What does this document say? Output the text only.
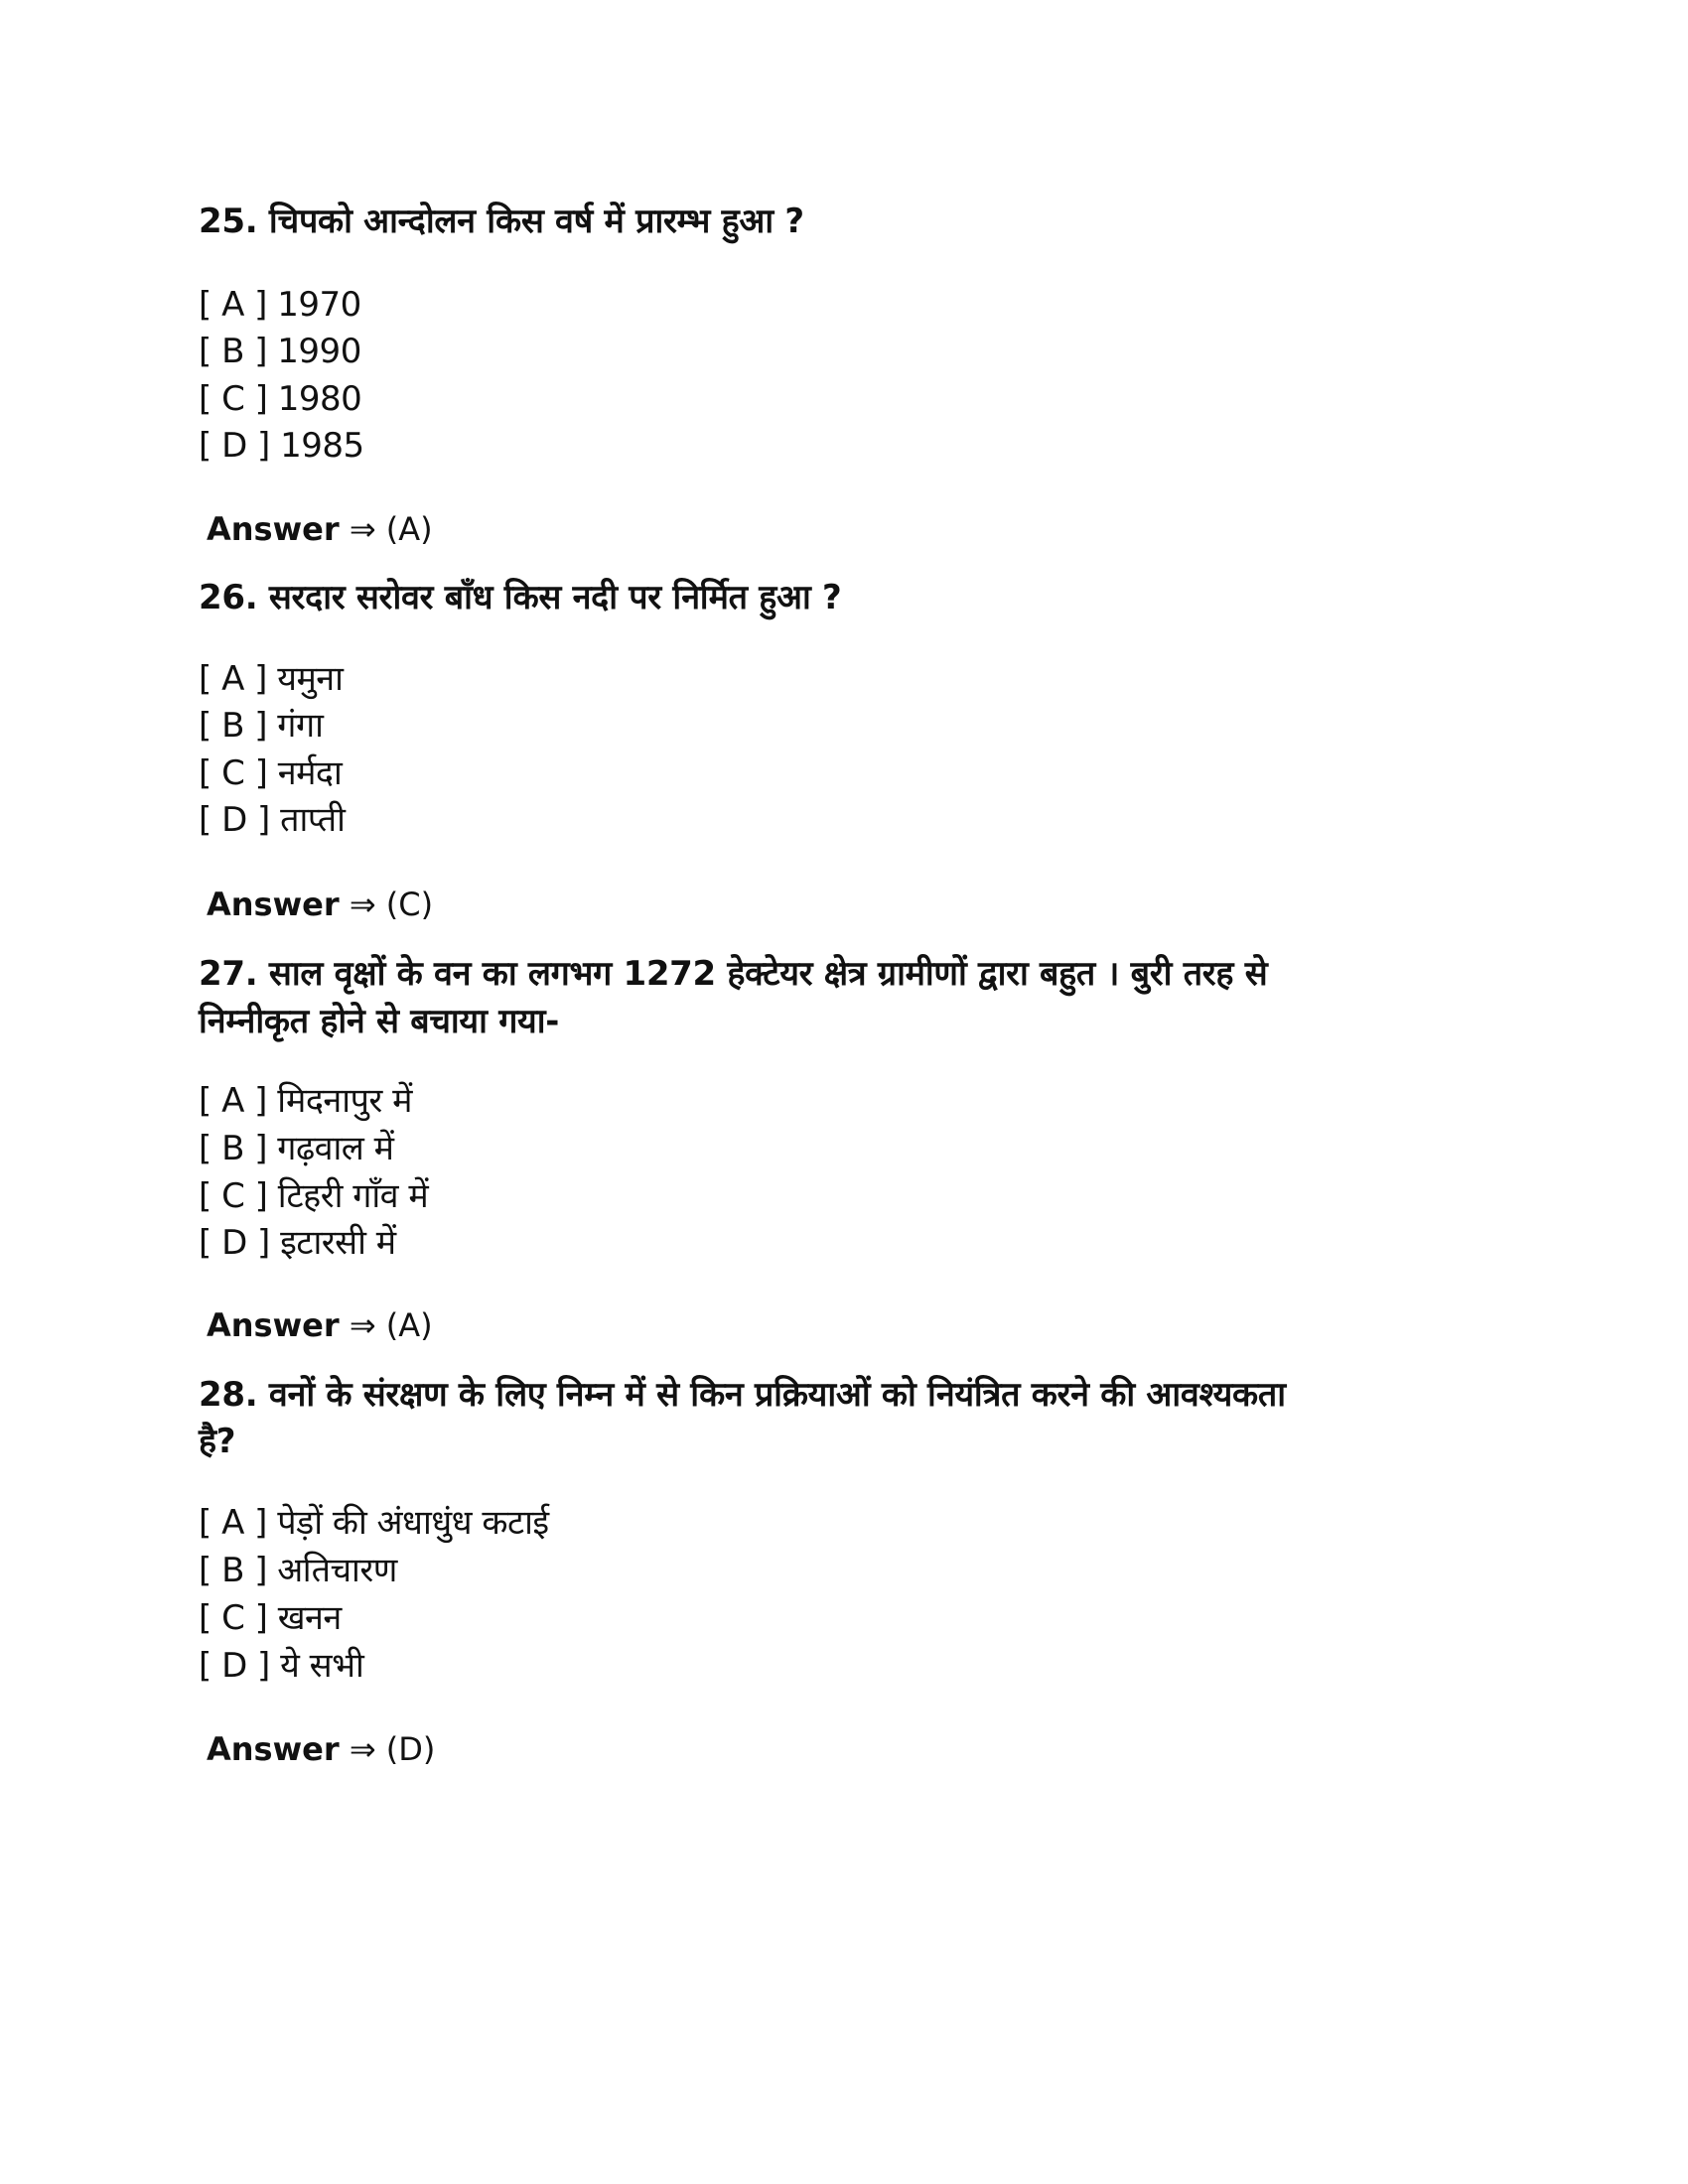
25. चिपको आन्दोलन किस वर्ष में प्रारम्भ हुआ ?
[ A ] 1970
[ B ] 1990
[ C ] 1980
[ D ] 1985
Answer ⇒ (A)
26. सरदार सरोवर बाँध किस नदी पर निर्मित हुआ ?
[ A ] यमुना
[ B ] गंगा
[ C ] नर्मदा
[ D ] ताप्ती
Answer ⇒ (C)
27. साल वृक्षों के वन का लगभग 1272 हेक्टेयर क्षेत्र ग्रामीणों द्वारा बहुत । बुरी तरह से
निम्नीकृत होने से बचाया गया-
[ A ] मिदनापुर में
[ B ] गढ़वाल में
[ C ] टिहरी गाँव में
[ D ] इटारसी में
Answer ⇒ (A)
28. वनों के संरक्षण के लिए निम्न में से किन प्रक्रियाओं को नियंत्रित करने की आवश्यकता
है?
[ A ] पेड़ों की अंधाधुंध कटाई
[ B ] अतिचारण
[ C ] खनन
[ D ] ये सभी
Answer ⇒ (D)
